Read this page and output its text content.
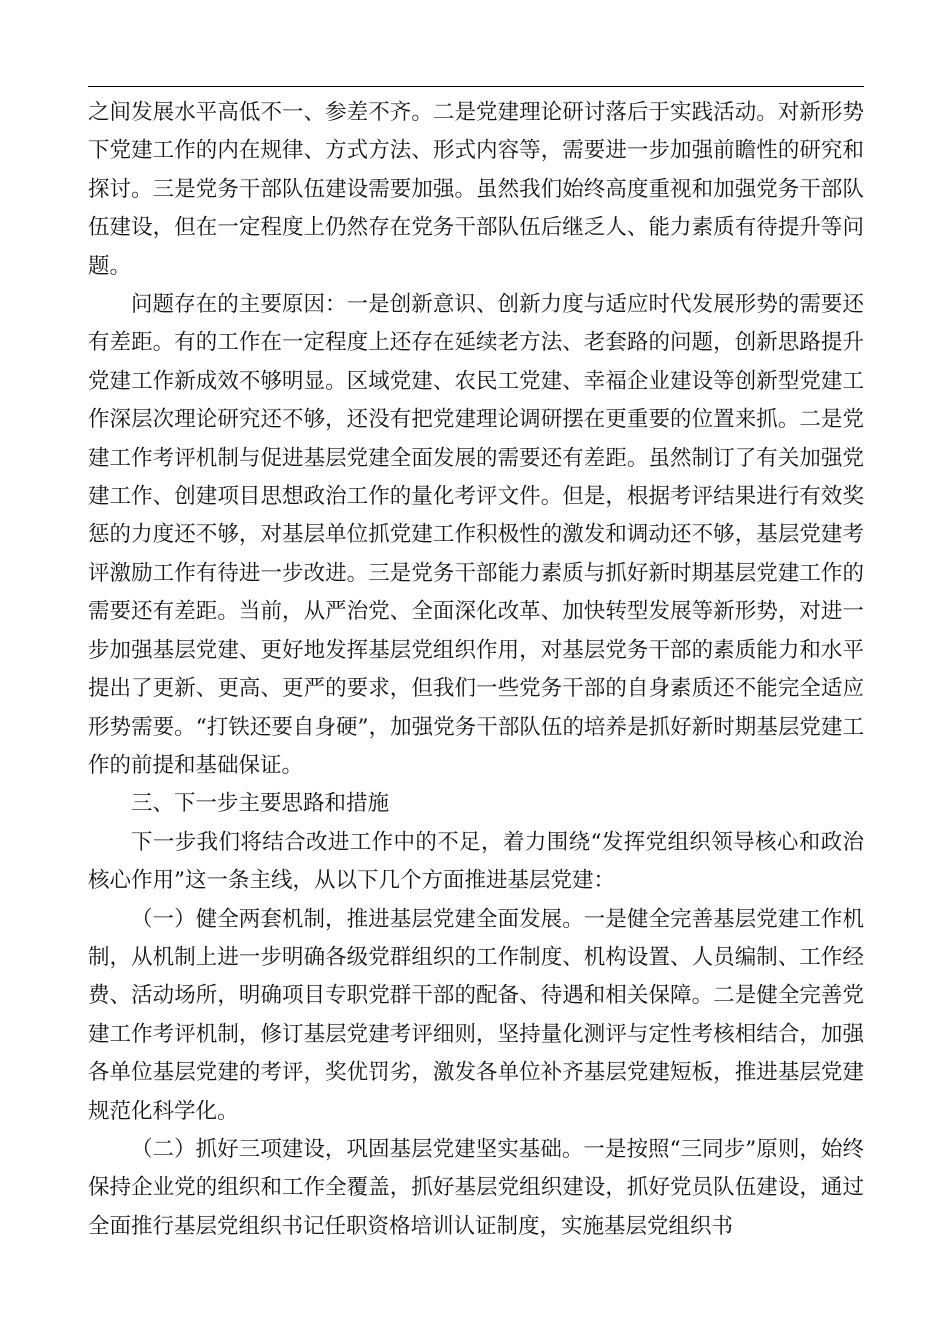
之间发展水平高低不一、参差不齐。二是党建理论研讨落后于实践活动。对新形势下党建工作的内在规律、方式方法、形式内容等，需要进一步加强前瞻性的研究和探讨。三是党务干部队伍建设需要加强。虽然我们始终高度重视和加强党务干部队伍建设，但在一定程度上仍然存在党务干部队伍后继乏人、能力素质有待提升等问题。

问题存在的主要原因：一是创新意识、创新力度与适应时代发展形势的需要还有差距。有的工作在一定程度上还存在延续老方法、老套路的问题，创新思路提升党建工作新成效不够明显。区域党建、农民工党建、幸福企业建设等创新型党建工作深层次理论研究还不够，还没有把党建理论调研摆在更重要的位置来抓。二是党建工作考评机制与促进基层党建全面发展的需要还有差距。虽然制订了有关加强党建工作、创建项目思想政治工作的量化考评文件。但是，根据考评结果进行有效奖惩的力度还不够，对基层单位抓党建工作积极性的激发和调动还不够，基层党建考评激励工作有待进一步改进。三是党务干部能力素质与抓好新时期基层党建工作的需要还有差距。当前，从严治党、全面深化改革、加快转型发展等新形势，对进一步加强基层党建、更好地发挥基层党组织作用，对基层党务干部的素质能力和水平提出了更新、更高、更严的要求，但我们一些党务干部的自身素质还不能完全适应形势需要。“打铁还要自身硬”，加强党务干部队伍的培养是抓好新时期基层党建工作的前提和基础保证。

三、下一步主要思路和措施

下一步我们将结合改进工作中的不足，着力围绕“发挥党组织领导核心和政治核心作用”这一条主线，从以下几个方面推进基层党建：

（一）健全两套机制，推进基层党建全面发展。一是健全完善基层党建工作机制，从机制上进一步明确各级党群组织的工作制度、机构设置、人员编制、工作经费、活动场所，明确项目专职党群干部的配备、待遇和相关保障。二是健全完善党建工作考评机制，修订基层党建考评细则，坚持量化测评与定性考核相结合，加强各单位基层党建的考评，奖优罚劣，激发各单位补齐基层党建短板，推进基层党建规范化科学化。

（二）抓好三项建设，巩固基层党建坚实基础。一是按照“三同步”原则，始终保持企业党的组织和工作全覆盖，抓好基层党组织建设，抓好党员队伍建设，通过全面推行基层党组织书记任职资格培训认证制度，实施基层党组织书
